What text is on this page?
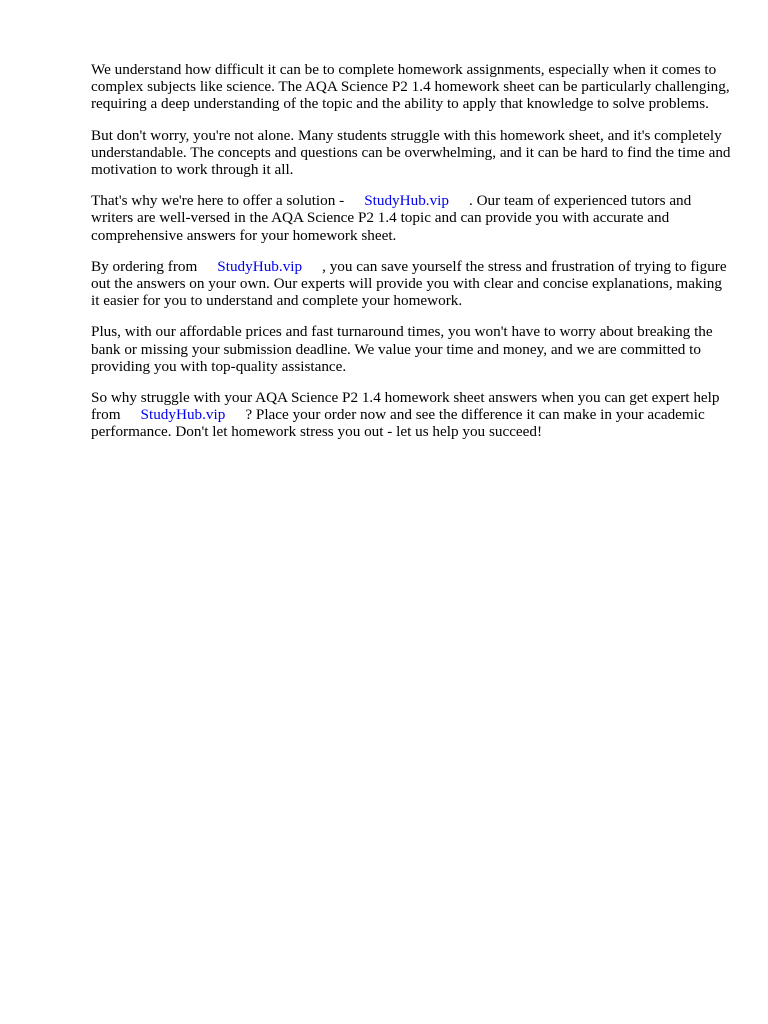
We understand how difficult it can be to complete homework assignments, especially when it comes to complex subjects like science. The AQA Science P2 1.4 homework sheet can be particularly challenging, requiring a deep understanding of the topic and the ability to apply that knowledge to solve problems.

But don't worry, you're not alone. Many students struggle with this homework sheet, and it's completely understandable. The concepts and questions can be overwhelming, and it can be hard to find the time and motivation to work through it all.

That's why we're here to offer a solution - StudyHub.vip . Our team of experienced tutors and writers are well-versed in the AQA Science P2 1.4 topic and can provide you with accurate and comprehensive answers for your homework sheet.

By ordering from StudyHub.vip , you can save yourself the stress and frustration of trying to figure out the answers on your own. Our experts will provide you with clear and concise explanations, making it easier for you to understand and complete your homework.

Plus, with our affordable prices and fast turnaround times, you won't have to worry about breaking the bank or missing your submission deadline. We value your time and money, and we are committed to providing you with top-quality assistance.

So why struggle with your AQA Science P2 1.4 homework sheet answers when you can get expert help from StudyHub.vip ? Place your order now and see the difference it can make in your academic performance. Don't let homework stress you out - let us help you succeed!
